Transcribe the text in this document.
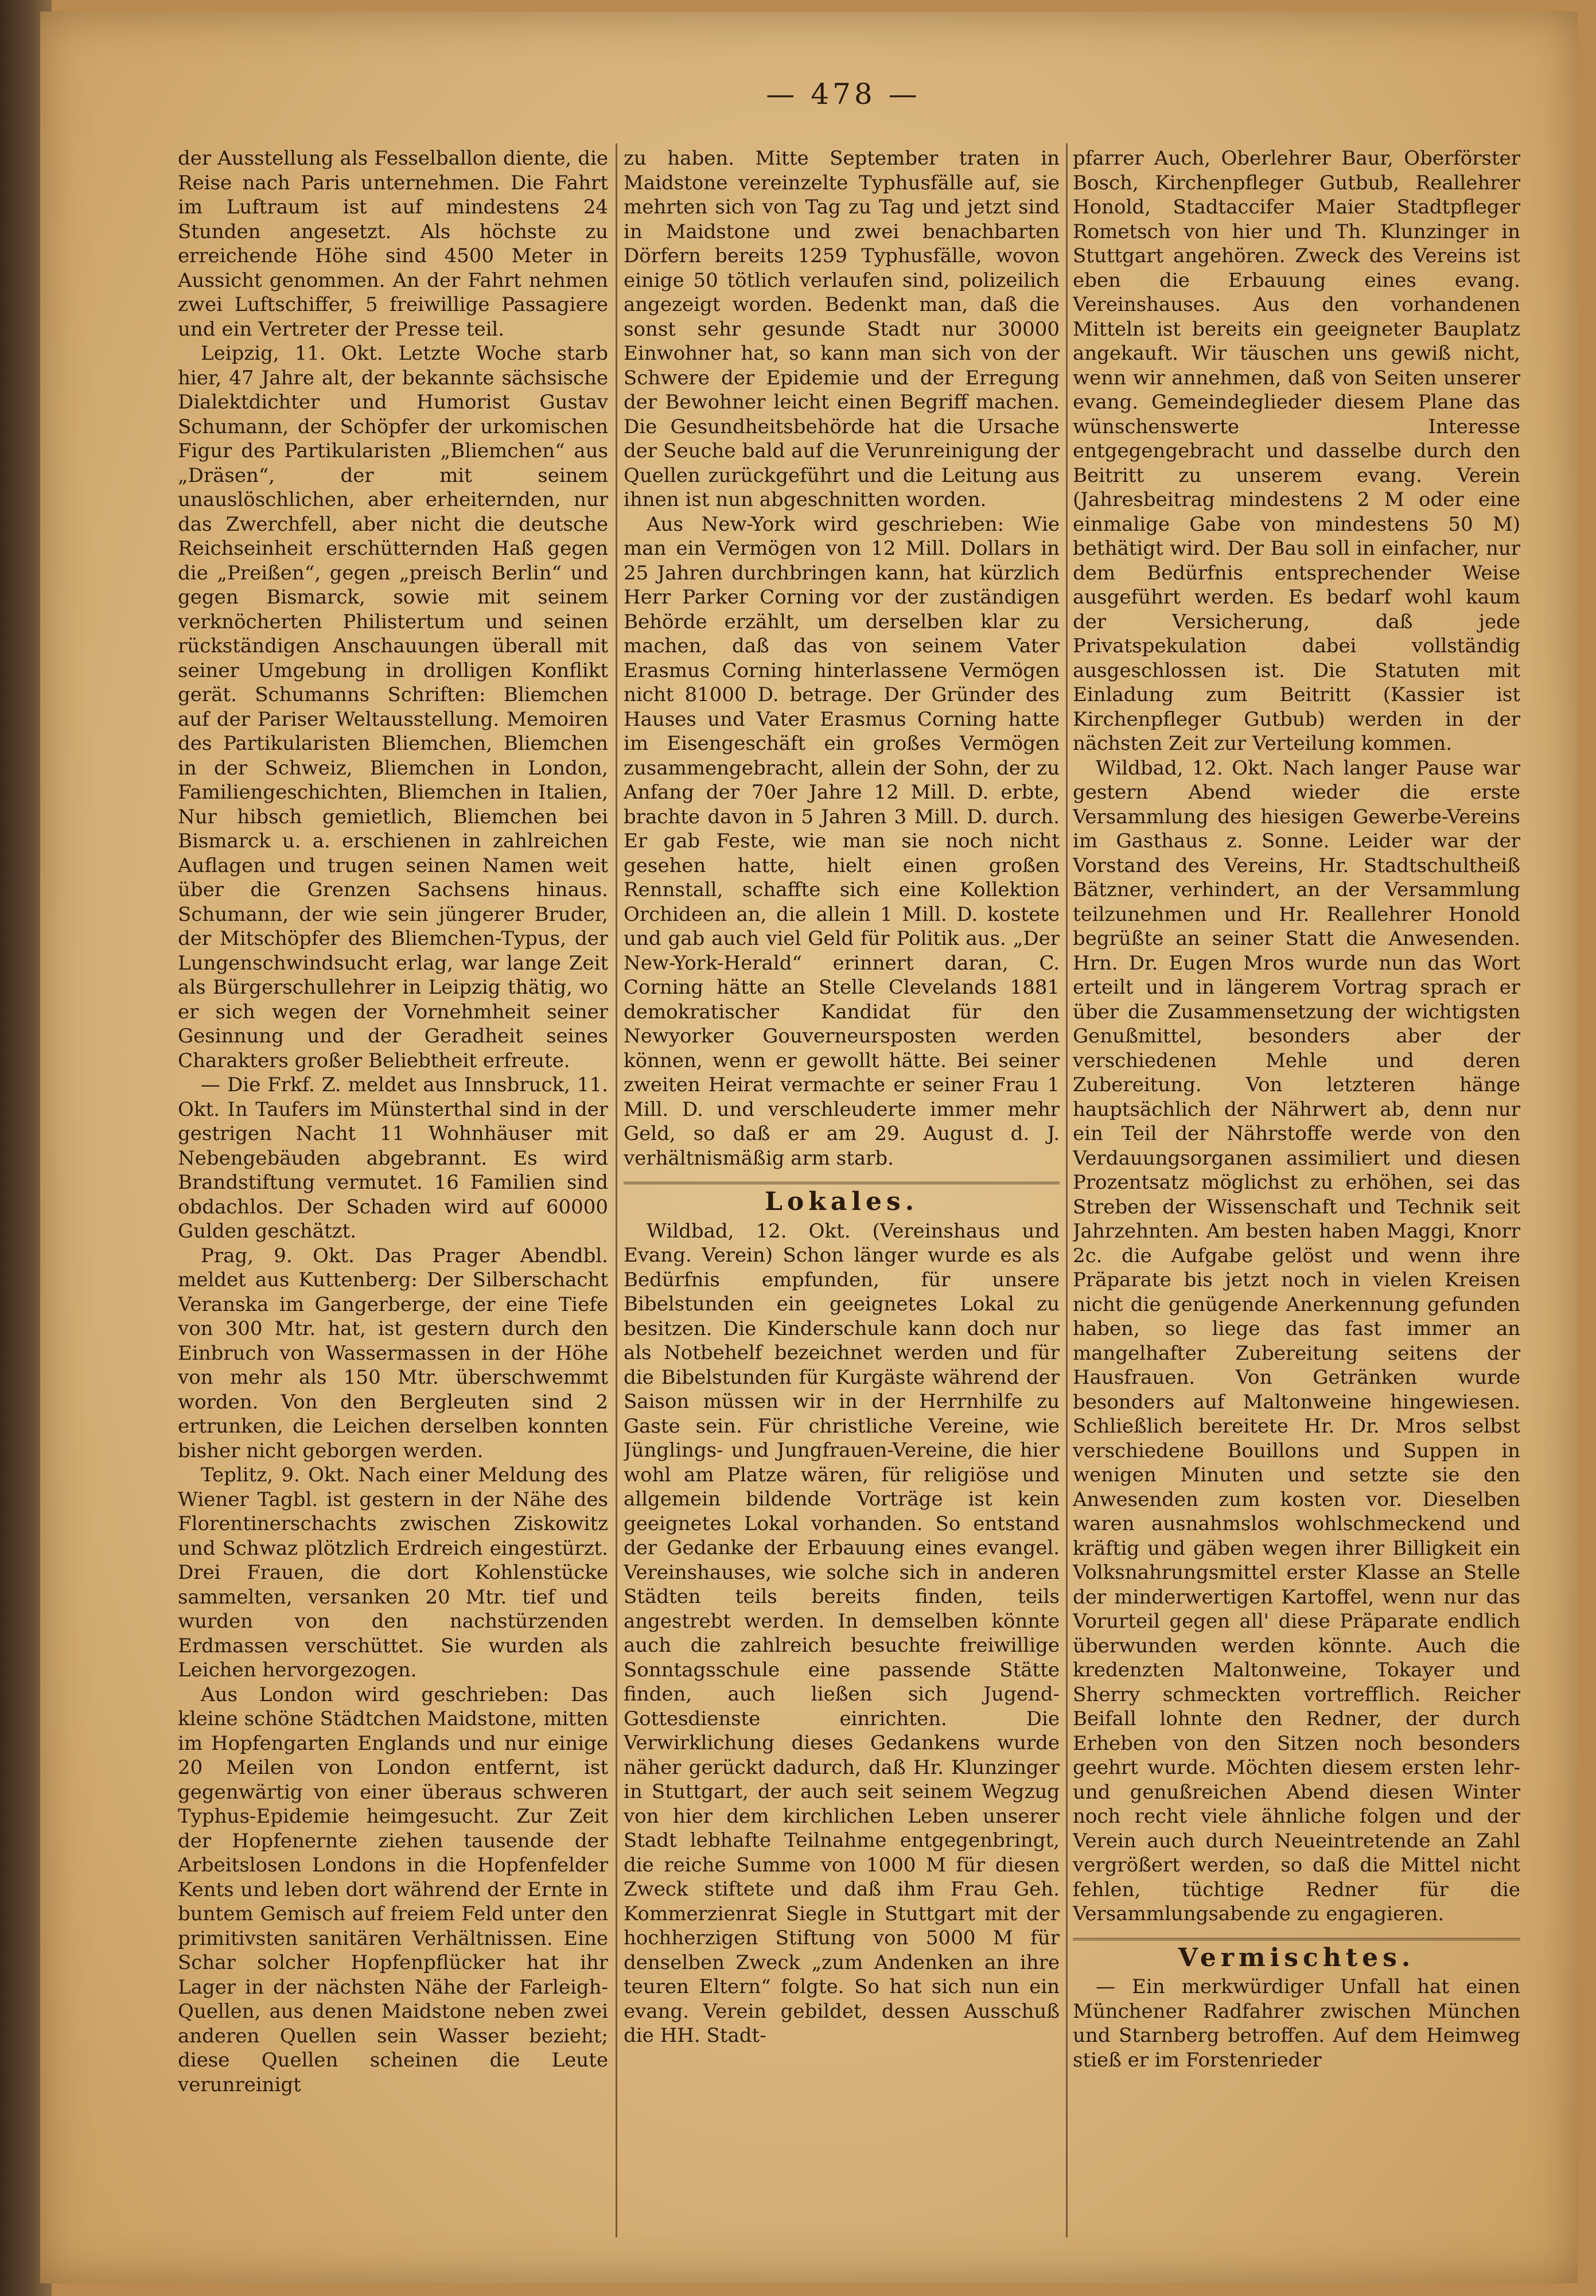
— 478 —

der Ausstellung als Fesselballon diente, die Reise nach Paris unternehmen. Die Fahrt im Luftraum ist auf mindestens 24 Stunden angesetzt. Als höchste zu erreichende Höhe sind 4500 Meter in Aussicht genommen. An der Fahrt nehmen zwei Luftschiffer, 5 freiwillige Passagiere und ein Vertreter der Presse teil.

Leipzig, 11. Okt. Letzte Woche starb hier, 47 Jahre alt, der bekannte sächsische Dialektdichter und Humorist Gustav Schumann, der Schöpfer der urkomischen Figur des Partikularisten „Bliemchen“ aus „Dräsen“, der mit seinem unauslöschlichen, aber erheiternden, nur das Zwerchfell, aber nicht die deutsche Reichseinheit erschütternden Haß gegen die „Preißen“, gegen „preisch Berlin“ und gegen Bismarck, sowie mit seinem verknöcherten Philistertum und seinen rückständigen Anschauungen überall mit seiner Umgebung in drolligen Konflikt gerät. Schumanns Schriften: Bliemchen auf der Pariser Weltausstellung. Memoiren des Partikularisten Bliemchen, Bliemchen in der Schweiz, Bliemchen in London, Familiengeschichten, Bliemchen in Italien, Nur hibsch gemietlich, Bliemchen bei Bismarck u. a. erschienen in zahlreichen Auflagen und trugen seinen Namen weit über die Grenzen Sachsens hinaus. Schumann, der wie sein jüngerer Bruder, der Mitschöpfer des Bliemchen-Typus, der Lungenschwindsucht erlag, war lange Zeit als Bürgerschullehrer in Leipzig thätig, wo er sich wegen der Vornehmheit seiner Gesinnung und der Geradheit seines Charakters großer Beliebtheit erfreute.

— Die Frkf. Z. meldet aus Innsbruck, 11. Okt. In Taufers im Münsterthal sind in der gestrigen Nacht 11 Wohnhäuser mit Nebengebäuden abgebrannt. Es wird Brandstiftung vermutet. 16 Familien sind obdachlos. Der Schaden wird auf 60000 Gulden geschätzt.

Prag, 9. Okt. Das Prager Abendbl. meldet aus Kuttenberg: Der Silberschacht Veranska im Gangerberge, der eine Tiefe von 300 Mtr. hat, ist gestern durch den Einbruch von Wassermassen in der Höhe von mehr als 150 Mtr. überschwemmt worden. Von den Bergleuten sind 2 ertrunken, die Leichen derselben konnten bisher nicht geborgen werden.

Teplitz, 9. Okt. Nach einer Meldung des Wiener Tagbl. ist gestern in der Nähe des Florentinerschachts zwischen Ziskowitz und Schwaz plötzlich Erdreich eingestürzt. Drei Frauen, die dort Kohlenstücke sammelten, versanken 20 Mtr. tief und wurden von den nachstürzenden Erdmassen verschüttet. Sie wurden als Leichen hervorgezogen.

Aus London wird geschrieben: Das kleine schöne Städtchen Maidstone, mitten im Hopfengarten Englands und nur einige 20 Meilen von London entfernt, ist gegenwärtig von einer überaus schweren Typhus-Epidemie heimgesucht. Zur Zeit der Hopfenernte ziehen tausende der Arbeitslosen Londons in die Hopfenfelder Kents und leben dort während der Ernte in buntem Gemisch auf freiem Feld unter den primitivsten sanitären Verhältnissen. Eine Schar solcher Hopfenpflücker hat ihr Lager in der nächsten Nähe der Farleigh-Quellen, aus denen Maidstone neben zwei anderen Quellen sein Wasser bezieht; diese Quellen scheinen die Leute verunreinigt

zu haben. Mitte September traten in Maidstone vereinzelte Typhusfälle auf, sie mehrten sich von Tag zu Tag und jetzt sind in Maidstone und zwei benachbarten Dörfern bereits 1259 Typhusfälle, wovon einige 50 tötlich verlaufen sind, polizeilich angezeigt worden. Bedenkt man, daß die sonst sehr gesunde Stadt nur 30000 Einwohner hat, so kann man sich von der Schwere der Epidemie und der Erregung der Bewohner leicht einen Begriff machen. Die Gesundheitsbehörde hat die Ursache der Seuche bald auf die Verunreinigung der Quellen zurückgeführt und die Leitung aus ihnen ist nun abgeschnitten worden.

Aus New-York wird geschrieben: Wie man ein Vermögen von 12 Mill. Dollars in 25 Jahren durchbringen kann, hat kürzlich Herr Parker Corning vor der zuständigen Behörde erzählt, um derselben klar zu machen, daß das von seinem Vater Erasmus Corning hinterlassene Vermögen nicht 81000 D. betrage. Der Gründer des Hauses und Vater Erasmus Corning hatte im Eisengeschäft ein großes Vermögen zusammengebracht, allein der Sohn, der zu Anfang der 70er Jahre 12 Mill. D. erbte, brachte davon in 5 Jahren 3 Mill. D. durch. Er gab Feste, wie man sie noch nicht gesehen hatte, hielt einen großen Rennstall, schaffte sich eine Kollektion Orchideen an, die allein 1 Mill. D. kostete und gab auch viel Geld für Politik aus. „Der New-York-Herald“ erinnert daran, C. Corning hätte an Stelle Clevelands 1881 demokratischer Kandidat für den Newyorker Gouverneursposten werden können, wenn er gewollt hätte. Bei seiner zweiten Heirat vermachte er seiner Frau 1 Mill. D. und verschleuderte immer mehr Geld, so daß er am 29. August d. J. verhältnismäßig arm starb.

Lokales.

Wildbad, 12. Okt. (Vereinshaus und Evang. Verein) Schon länger wurde es als Bedürfnis empfunden, für unsere Bibelstunden ein geeignetes Lokal zu besitzen. Die Kinderschule kann doch nur als Notbehelf bezeichnet werden und für die Bibelstunden für Kurgäste während der Saison müssen wir in der Herrnhilfe zu Gaste sein. Für christliche Vereine, wie Jünglings- und Jungfrauen-Vereine, die hier wohl am Platze wären, für religiöse und allgemein bildende Vorträge ist kein geeignetes Lokal vorhanden. So entstand der Gedanke der Erbauung eines evangel. Vereinshauses, wie solche sich in anderen Städten teils bereits finden, teils angestrebt werden. In demselben könnte auch die zahlreich besuchte freiwillige Sonntagsschule eine passende Stätte finden, auch ließen sich Jugend-Gottesdienste einrichten. Die Verwirklichung dieses Gedankens wurde näher gerückt dadurch, daß Hr. Klunzinger in Stuttgart, der auch seit seinem Wegzug von hier dem kirchlichen Leben unserer Stadt lebhafte Teilnahme entgegenbringt, die reiche Summe von 1000 M für diesen Zweck stiftete und daß ihm Frau Geh. Kommerzienrat Siegle in Stuttgart mit der hochherzigen Stiftung von 5000 M für denselben Zweck „zum Andenken an ihre teuren Eltern“ folgte. So hat sich nun ein evang. Verein gebildet, dessen Ausschuß die HH. Stadt-

pfarrer Auch, Oberlehrer Baur, Oberförster Bosch, Kirchenpfleger Gutbub, Reallehrer Honold, Stadtaccifer Maier Stadtpfleger Rometsch von hier und Th. Klunzinger in Stuttgart angehören. Zweck des Vereins ist eben die Erbauung eines evang. Vereinshauses. Aus den vorhandenen Mitteln ist bereits ein geeigneter Bauplatz angekauft. Wir täuschen uns gewiß nicht, wenn wir annehmen, daß von Seiten unserer evang. Gemeindeglieder diesem Plane das wünschenswerte Interesse entgegengebracht und dasselbe durch den Beitritt zu unserem evang. Verein (Jahresbeitrag mindestens 2 M oder eine einmalige Gabe von mindestens 50 M) bethätigt wird. Der Bau soll in einfacher, nur dem Bedürfnis entsprechender Weise ausgeführt werden. Es bedarf wohl kaum der Versicherung, daß jede Privatspekulation dabei vollständig ausgeschlossen ist. Die Statuten mit Einladung zum Beitritt (Kassier ist Kirchenpfleger Gutbub) werden in der nächsten Zeit zur Verteilung kommen.

Wildbad, 12. Okt. Nach langer Pause war gestern Abend wieder die erste Versammlung des hiesigen Gewerbe-Vereins im Gasthaus z. Sonne. Leider war der Vorstand des Vereins, Hr. Stadtschultheiß Bätzner, verhindert, an der Versammlung teilzunehmen und Hr. Reallehrer Honold begrüßte an seiner Statt die Anwesenden. Hrn. Dr. Eugen Mros wurde nun das Wort erteilt und in längerem Vortrag sprach er über die Zusammensetzung der wichtigsten Genußmittel, besonders aber der verschiedenen Mehle und deren Zubereitung. Von letzteren hänge hauptsächlich der Nährwert ab, denn nur ein Teil der Nährstoffe werde von den Verdauungsorganen assimiliert und diesen Prozentsatz möglichst zu erhöhen, sei das Streben der Wissenschaft und Technik seit Jahrzehnten. Am besten haben Maggi, Knorr 2c. die Aufgabe gelöst und wenn ihre Präparate bis jetzt noch in vielen Kreisen nicht die genügende Anerkennung gefunden haben, so liege das fast immer an mangelhafter Zubereitung seitens der Hausfrauen. Von Getränken wurde besonders auf Maltonweine hingewiesen. Schließlich bereitete Hr. Dr. Mros selbst verschiedene Bouillons und Suppen in wenigen Minuten und setzte sie den Anwesenden zum kosten vor. Dieselben waren ausnahmslos wohlschmeckend und kräftig und gäben wegen ihrer Billigkeit ein Volksnahrungsmittel erster Klasse an Stelle der minderwertigen Kartoffel, wenn nur das Vorurteil gegen all' diese Präparate endlich überwunden werden könnte. Auch die kredenzten Maltonweine, Tokayer und Sherry schmeckten vortrefflich. Reicher Beifall lohnte den Redner, der durch Erheben von den Sitzen noch besonders geehrt wurde. Möchten diesem ersten lehr- und genußreichen Abend diesen Winter noch recht viele ähnliche folgen und der Verein auch durch Neueintretende an Zahl vergrößert werden, so daß die Mittel nicht fehlen, tüchtige Redner für die Versammlungsabende zu engagieren.

Vermischtes.

— Ein merkwürdiger Unfall hat einen Münchener Radfahrer zwischen München und Starnberg betroffen. Auf dem Heimweg stieß er im Forstenrieder
